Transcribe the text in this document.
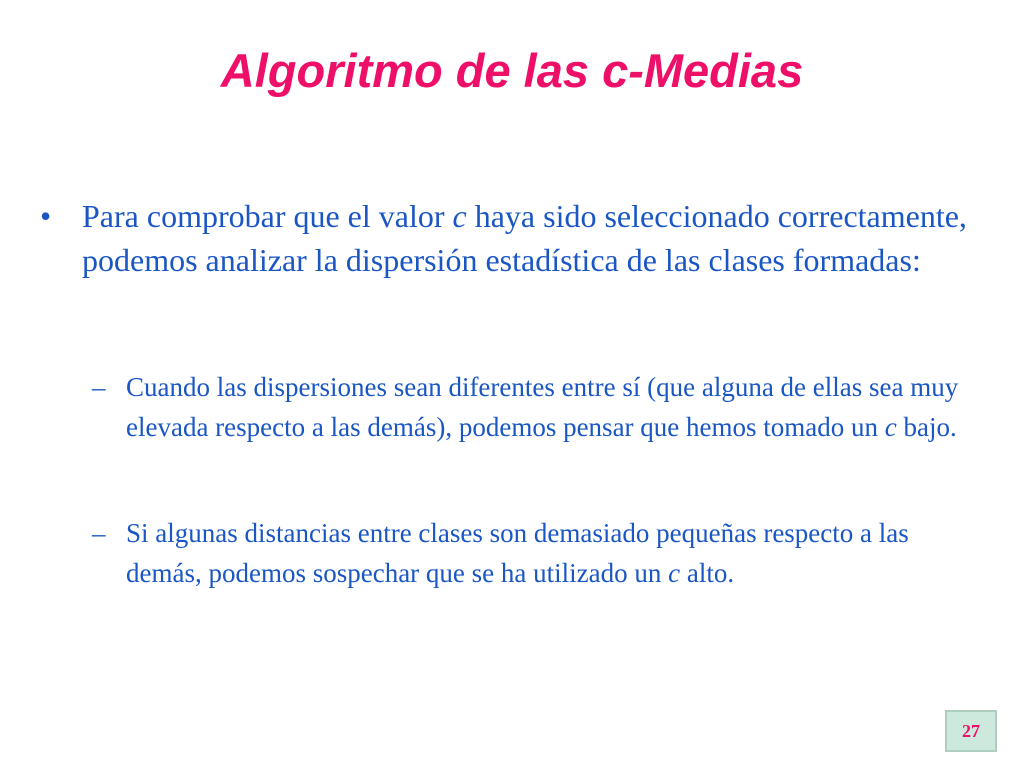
Algoritmo de las c-Medias
• Para comprobar que el valor c haya sido seleccionado correctamente, podemos analizar la dispersión estadística de las clases formadas:
– Cuando las dispersiones sean diferentes entre sí (que alguna de ellas sea muy elevada respecto a las demás), podemos pensar que hemos tomado un c bajo.
– Si algunas distancias entre clases son demasiado pequeñas respecto a las demás, podemos sospechar que se ha utilizado un c alto.
27
